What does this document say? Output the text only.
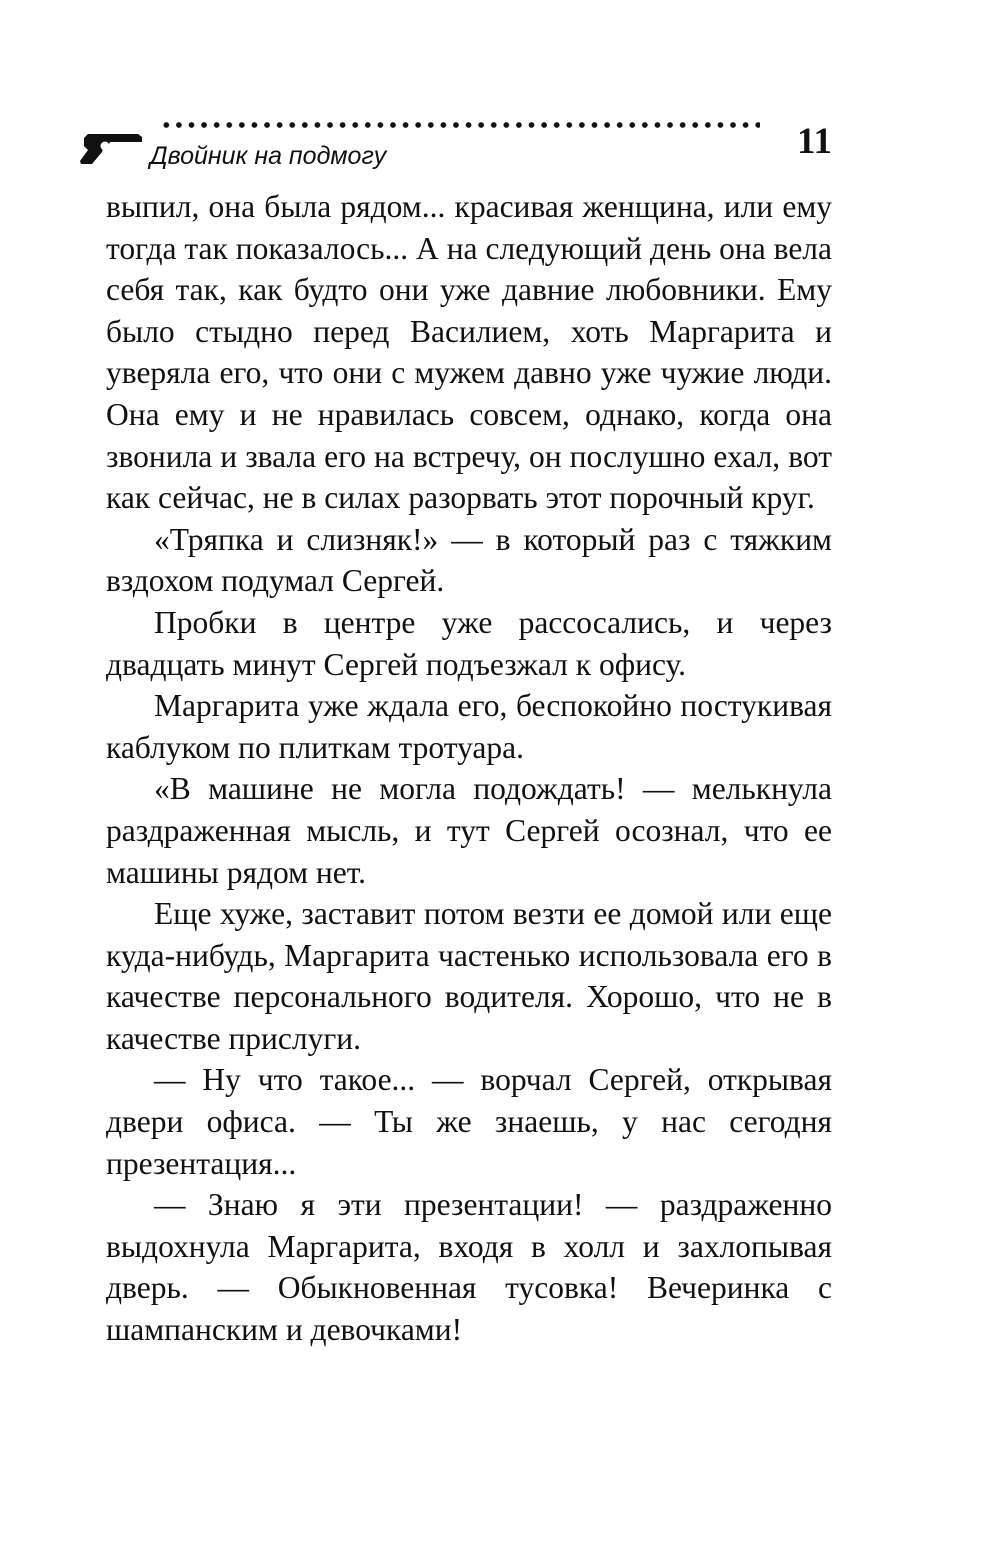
Двойник на подмогу	11

выпил, она была рядом... красивая женщина, или ему тогда так показалось... А на следующий день она вела себя так, как будто они уже давние любовники. Ему было стыдно перед Василием, хоть Маргарита и уверяла его, что они с мужем давно уже чужие люди. Она ему и не нравилась совсем, однако, когда она звонила и звала его на встречу, он послушно ехал, вот как сейчас, не в силах разорвать этот порочный круг.

«Тряпка и слизняк!» — в который раз с тяжким вздохом подумал Сергей.

Пробки в центре уже рассосались, и через двадцать минут Сергей подъезжал к офису.

Маргарита уже ждала его, беспокойно постукивая каблуком по плиткам тротуара.

«В машине не могла подождать! — мелькнула раздраженная мысль, и тут Сергей осознал, что ее машины рядом нет.

Еще хуже, заставит потом везти ее домой или еще куда-нибудь, Маргарита частенько использовала его в качестве персонального водителя. Хорошо, что не в качестве прислуги.

— Ну что такое... — ворчал Сергей, открывая двери офиса. — Ты же знаешь, у нас сегодня презентация...

— Знаю я эти презентации! — раздраженно выдохнула Маргарита, входя в холл и захлопывая дверь. — Обыкновенная тусовка! Вечеринка с шампанским и девочками!
